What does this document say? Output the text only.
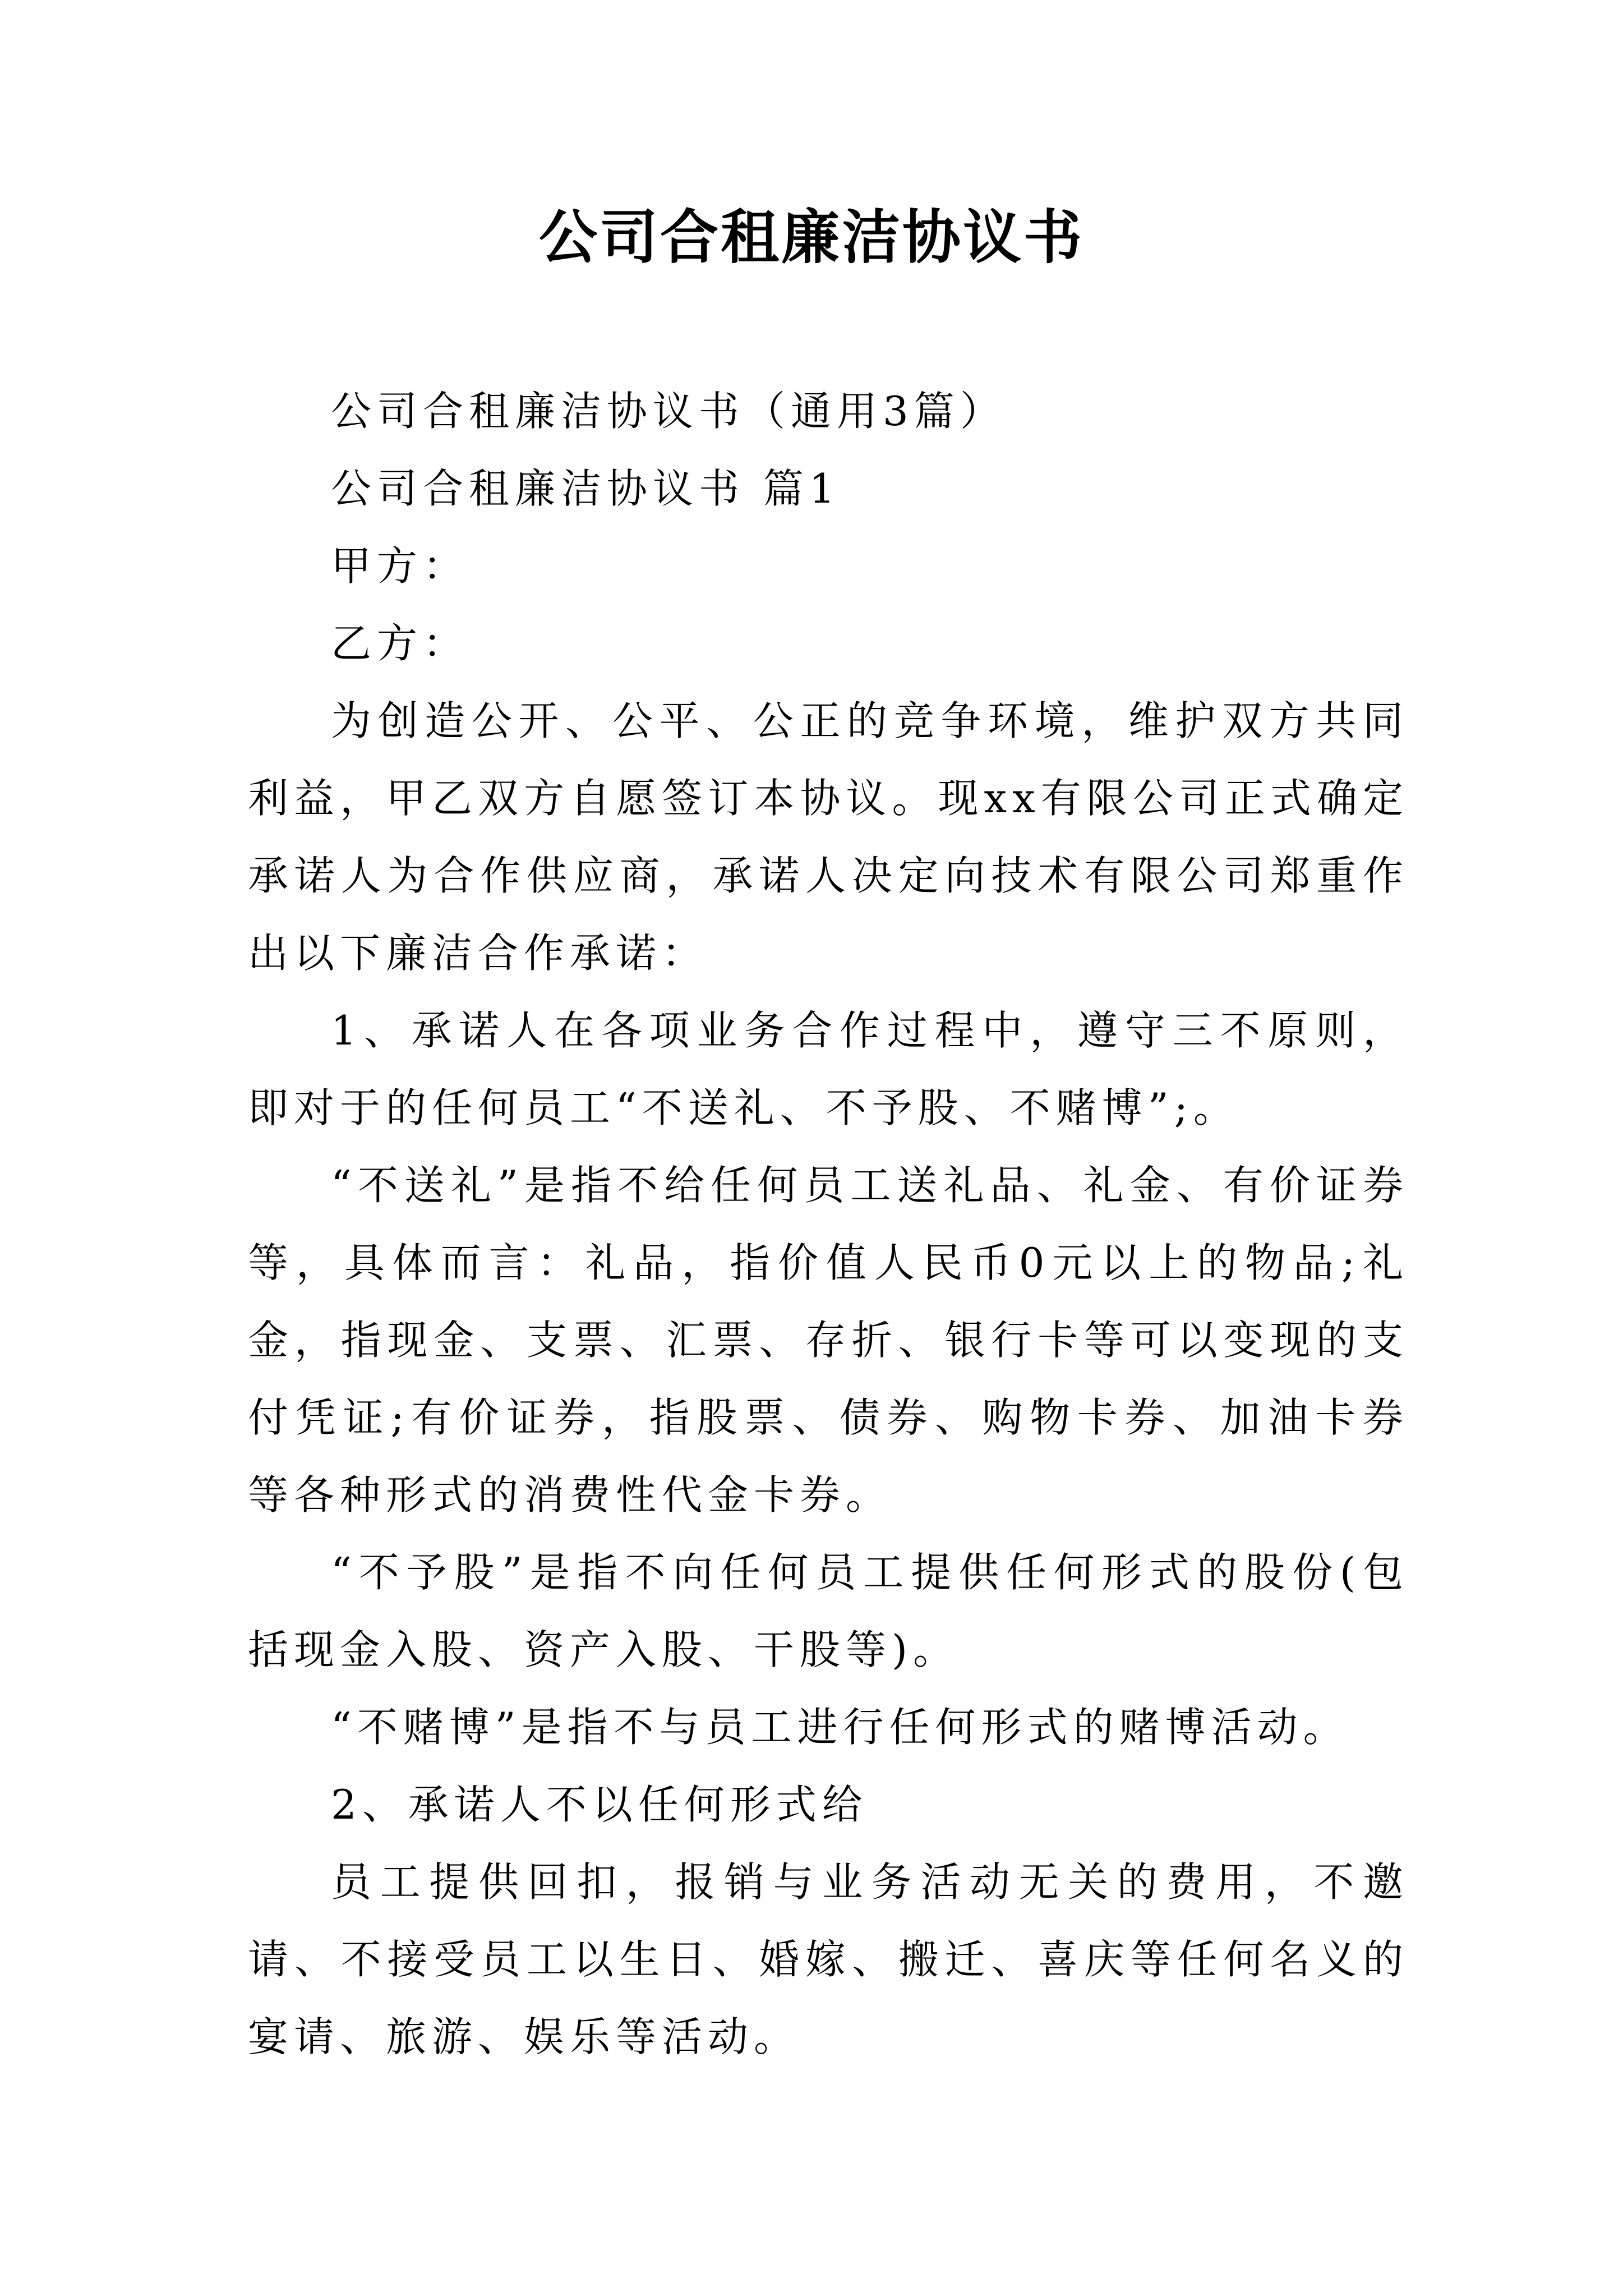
公司合租廉洁协议书

公司合租廉洁协议书（通用3篇）

公司合租廉洁协议书 篇1

甲方：

乙方：

为创造公开、公平、公正的竞争环境，维护双方共同利益，甲乙双方自愿签订本协议。现xx有限公司正式确定承诺人为合作供应商，承诺人决定向技术有限公司郑重作出以下廉洁合作承诺：

1、承诺人在各项业务合作过程中，遵守三不原则，即对于的任何员工“不送礼、不予股、不赌博”;。

“不送礼”是指不给任何员工送礼品、礼金、有价证券等，具体而言：礼品，指价值人民币0元以上的物品;礼金，指现金、支票、汇票、存折、银行卡等可以变现的支付凭证;有价证券，指股票、债券、购物卡券、加油卡券等各种形式的消费性代金卡券。

“不予股”是指不向任何员工提供任何形式的股份(包括现金入股、资产入股、干股等)。

“不赌博”是指不与员工进行任何形式的赌博活动。

2、承诺人不以任何形式给

员工提供回扣，报销与业务活动无关的费用，不邀请、不接受员工以生日、婚嫁、搬迁、喜庆等任何名义的宴请、旅游、娱乐等活动。
